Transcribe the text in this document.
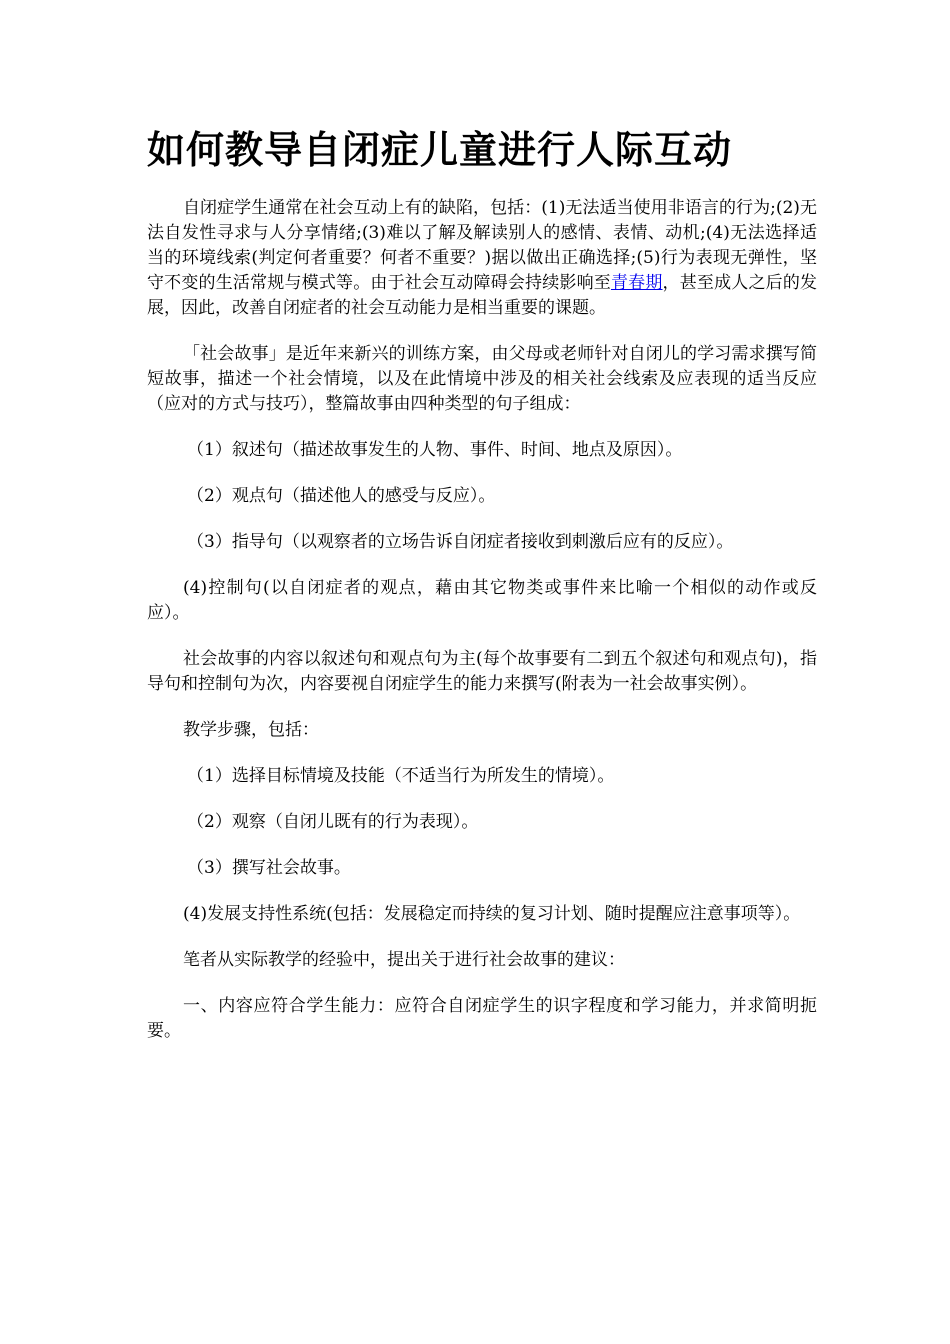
如何教导自闭症儿童进行人际互动

自闭症学生通常在社会互动上有的缺陷，包括：(1)无法适当使用非语言的行为;(2)无法自发性寻求与人分享情绪;(3)难以了解及解读别人的感情、表情、动机;(4)无法选择适当的环境线索(判定何者重要？何者不重要？)据以做出正确选择;(5)行为表现无弹性，坚守不变的生活常规与模式等。由于社会互动障碍会持续影响至青春期，甚至成人之后的发展，因此，改善自闭症者的社会互动能力是相当重要的课题。

「社会故事」是近年来新兴的训练方案，由父母或老师针对自闭儿的学习需求撰写简短故事，描述一个社会情境，以及在此情境中涉及的相关社会线索及应表现的适当反应（应对的方式与技巧），整篇故事由四种类型的句子组成：

（1）叙述句（描述故事发生的人物、事件、时间、地点及原因）。

（2）观点句（描述他人的感受与反应）。

（3）指导句（以观察者的立场告诉自闭症者接收到刺激后应有的反应）。

(4)控制句(以自闭症者的观点，藉由其它物类或事件来比喻一个相似的动作或反应）。

社会故事的内容以叙述句和观点句为主(每个故事要有二到五个叙述句和观点句)，指导句和控制句为次，内容要视自闭症学生的能力来撰写(附表为一社会故事实例）。

教学步骤，包括：

（1）选择目标情境及技能（不适当行为所发生的情境）。

（2）观察（自闭儿既有的行为表现）。

（3）撰写社会故事。

(4)发展支持性系统(包括：发展稳定而持续的复习计划、随时提醒应注意事项等）。

笔者从实际教学的经验中，提出关于进行社会故事的建议：

一、内容应符合学生能力：应符合自闭症学生的识字程度和学习能力，并求简明扼要。
